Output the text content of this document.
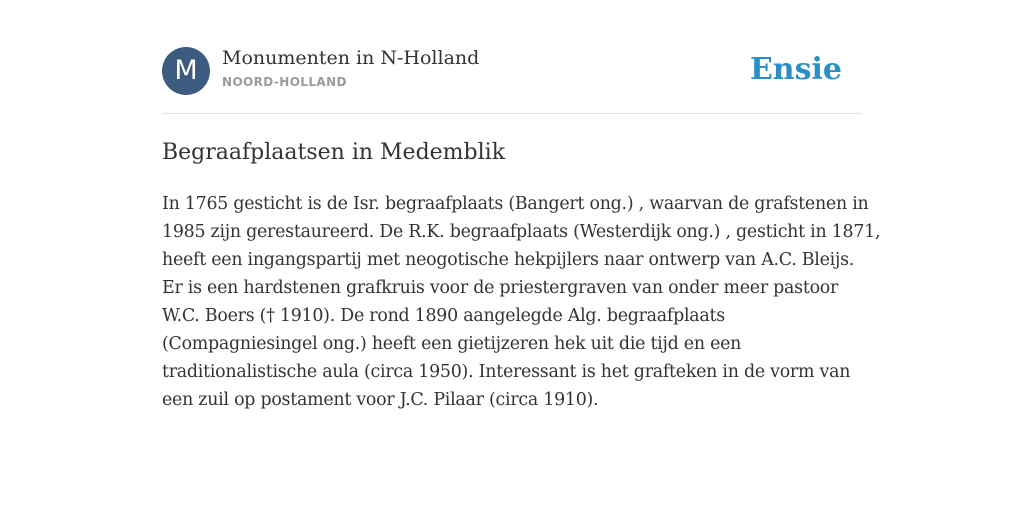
M	Monumenten in N-Holland
NOORD-HOLLAND	Ensie
Begraafplaatsen in Medemblik
In 1765 gesticht is de Isr. begraafplaats (Bangert ong.) , waarvan de grafstenen in
1985 zijn gerestaureerd. De R.K. begraafplaats (Westerdijk ong.) , gesticht in 1871,
heeft een ingangspartij met neogotische hekpijlers naar ontwerp van A.C. Bleijs.
Er is een hardstenen grafkruis voor de priestergraven van onder meer pastoor
W.C. Boers († 1910). De rond 1890 aangelegde Alg. begraafplaats
(Compagniesingel ong.) heeft een gietijzeren hek uit die tijd en een
traditionalistische aula (circa 1950). Interessant is het grafteken in de vorm van
een zuil op postament voor J.C. Pilaar (circa 1910).
